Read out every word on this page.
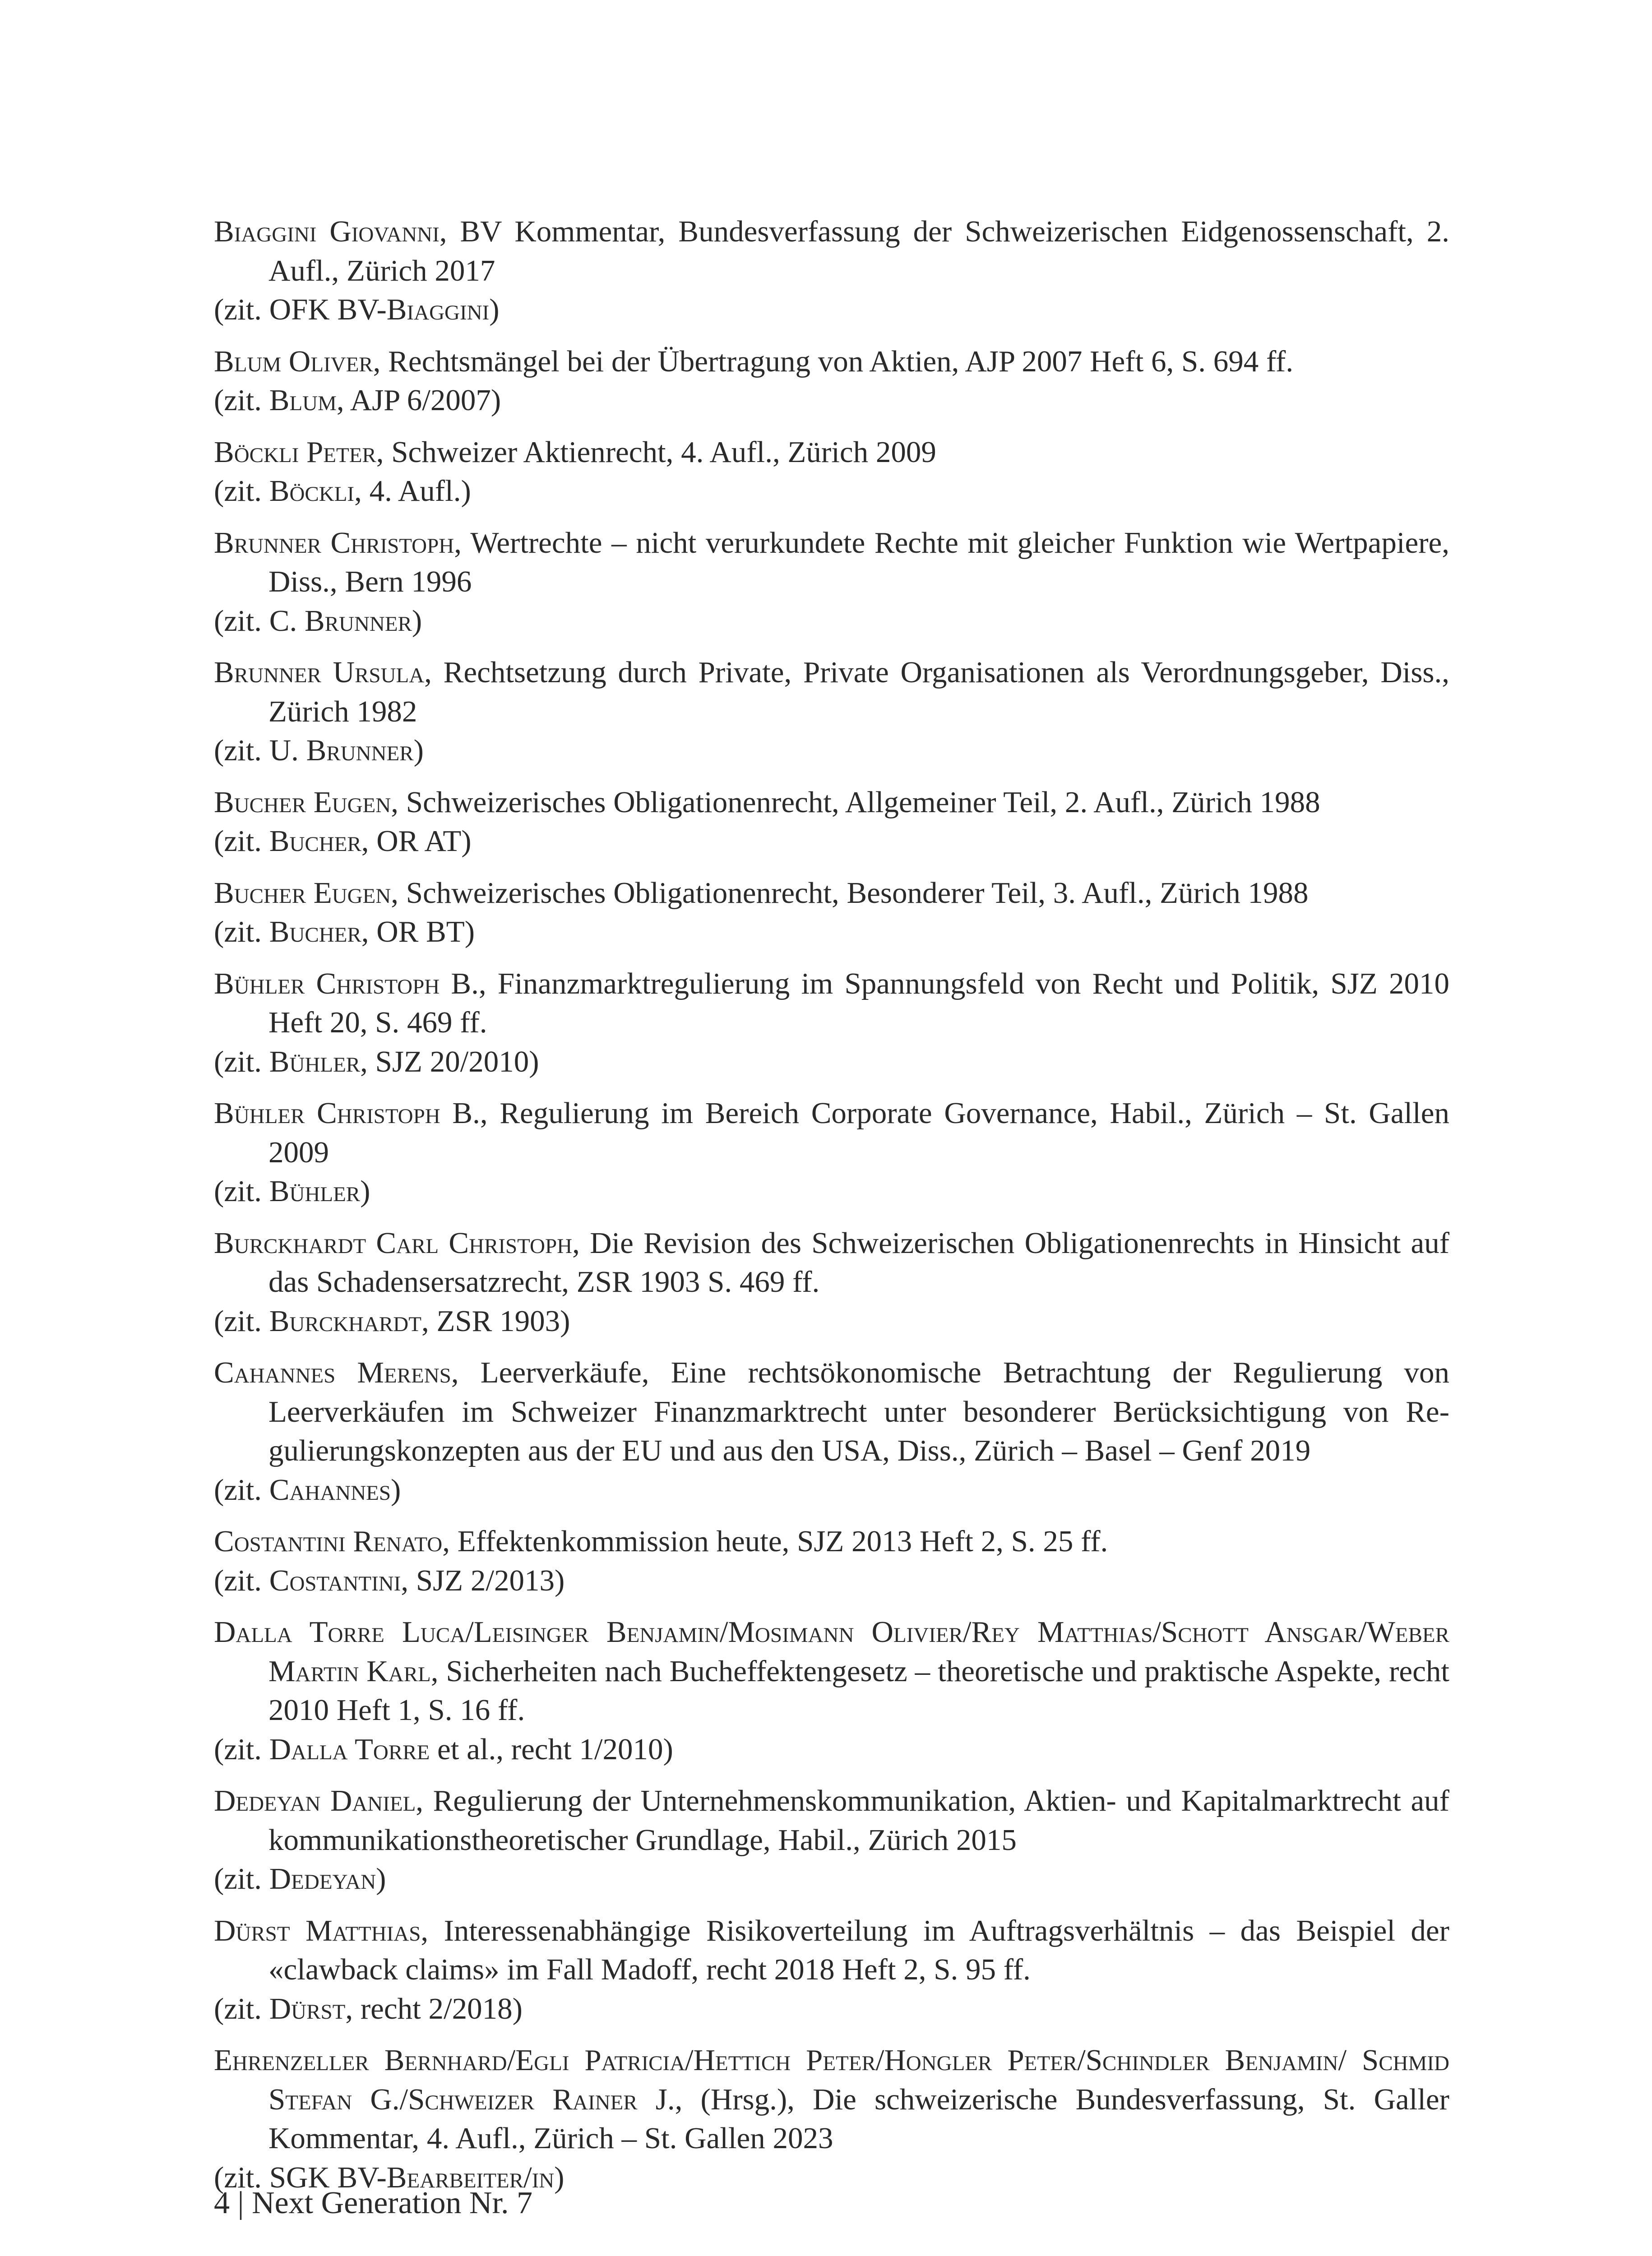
Biaggini Giovanni, BV Kommentar, Bundesverfassung der Schweizerischen Eidgenossenschaft, 2. Aufl., Zürich 2017
(zit. OFK BV-Biaggini)

Blum Oliver, Rechtsmängel bei der Übertragung von Aktien, AJP 2007 Heft 6, S. 694 ff.
(zit. Blum, AJP 6/2007)

Böckli Peter, Schweizer Aktienrecht, 4. Aufl., Zürich 2009
(zit. Böckli, 4. Aufl.)

Brunner Christoph, Wertrechte – nicht verurkundete Rechte mit gleicher Funktion wie Wertpapiere, Diss., Bern 1996
(zit. C. Brunner)

Brunner Ursula, Rechtsetzung durch Private, Private Organisationen als Verordnungsgeber, Diss., Zürich 1982
(zit. U. Brunner)

Bucher Eugen, Schweizerisches Obligationenrecht, Allgemeiner Teil, 2. Aufl., Zürich 1988
(zit. Bucher, OR AT)

Bucher Eugen, Schweizerisches Obligationenrecht, Besonderer Teil, 3. Aufl., Zürich 1988
(zit. Bucher, OR BT)

Bühler Christoph B., Finanzmarktregulierung im Spannungsfeld von Recht und Politik, SJZ 2010 Heft 20, S. 469 ff.
(zit. Bühler, SJZ 20/2010)

Bühler Christoph B., Regulierung im Bereich Corporate Governance, Habil., Zürich – St. Gallen 2009
(zit. Bühler)

Burckhardt Carl Christoph, Die Revision des Schweizerischen Obligationenrechts in Hinsicht auf das Schadensersatzrecht, ZSR 1903 S. 469 ff.
(zit. Burckhardt, ZSR 1903)

Cahannes Merens, Leerverkäufe, Eine rechtsökonomische Betrachtung der Regulierung von Leerverkäufen im Schweizer Finanzmarktrecht unter besonderer Berücksichtigung von Regulierungskonzepten aus der EU und aus den USA, Diss., Zürich – Basel – Genf 2019
(zit. Cahannes)

Costantini Renato, Effektenkommission heute, SJZ 2013 Heft 2, S. 25 ff.
(zit. Costantini, SJZ 2/2013)

Dalla Torre Luca/Leisinger Benjamin/Mosimann Olivier/Rey Matthias/Schott Ansgar/Weber Martin Karl, Sicherheiten nach Bucheffektengesetz – theoretische und praktische Aspekte, recht 2010 Heft 1, S. 16 ff.
(zit. Dalla Torre et al., recht 1/2010)

Dedeyan Daniel, Regulierung der Unternehmenskommunikation, Aktien- und Kapitalmarktrecht auf kommunikationstheoretischer Grundlage, Habil., Zürich 2015
(zit. Dedeyan)

Dürst Matthias, Interessenabhängige Risikoverteilung im Auftragsverhältnis – das Beispiel der «clawback claims» im Fall Madoff, recht 2018 Heft 2, S. 95 ff.
(zit. Dürst, recht 2/2018)

Ehrenzeller Bernhard/Egli Patricia/Hettich Peter/Hongler Peter/Schindler Benjamin/ Schmid Stefan G./Schweizer Rainer J., (Hrsg.), Die schweizerische Bundesverfassung, St. Galler Kommentar, 4. Aufl., Zürich – St. Gallen 2023
(zit. SGK BV-Bearbeiter/in)

4 | Next Generation Nr. 7
